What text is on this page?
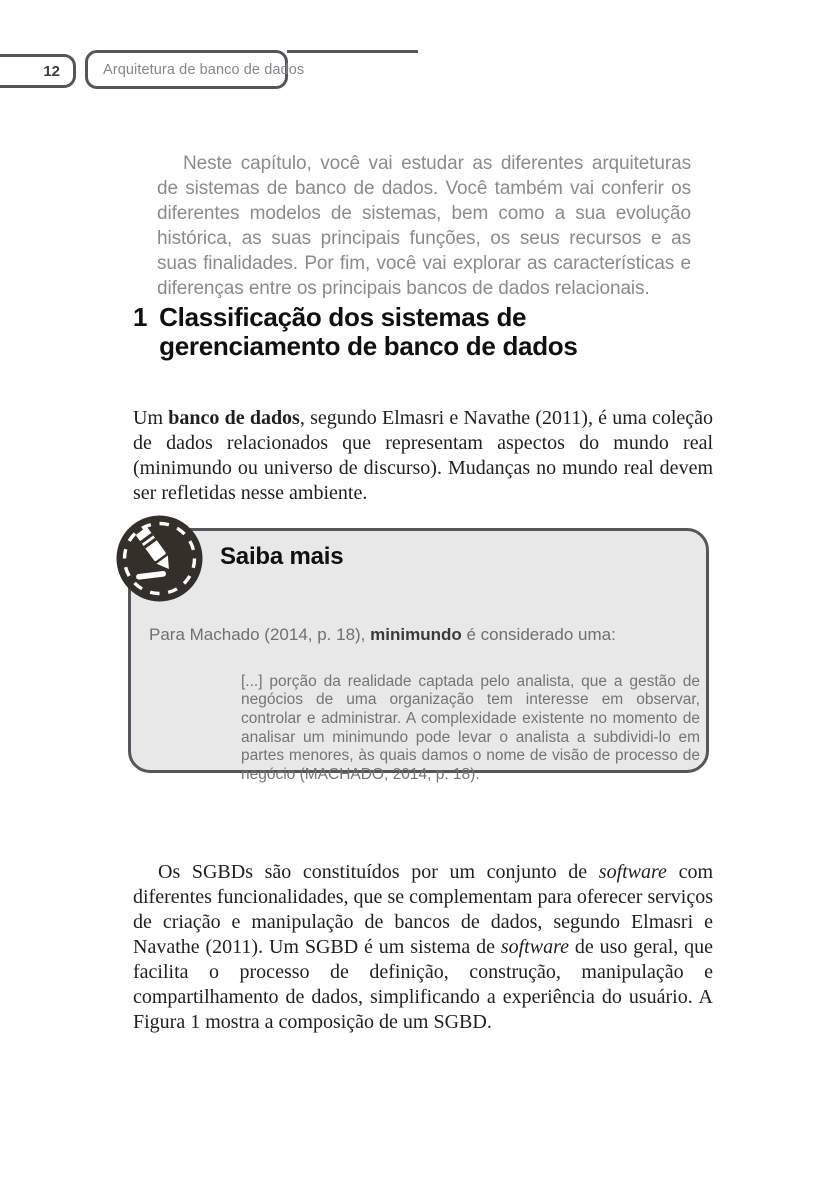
12	Arquitetura de banco de dados

Neste capítulo, você vai estudar as diferentes arquiteturas de sistemas de banco de dados. Você também vai conferir os diferentes modelos de sistemas, bem como a sua evolução histórica, as suas principais funções, os seus recursos e as suas finalidades. Por fim, você vai explorar as características e diferenças entre os principais bancos de dados relacionais.

1 Classificação dos sistemas de gerenciamento de banco de dados

Um banco de dados, segundo Elmasri e Navathe (2011), é uma coleção de dados relacionados que representam aspectos do mundo real (minimundo ou universo de discurso). Mudanças no mundo real devem ser refletidas nesse ambiente.

Saiba mais

Para Machado (2014, p. 18), minimundo é considerado uma:

[...] porção da realidade captada pelo analista, que a gestão de negócios de uma organização tem interesse em observar, controlar e administrar. A complexidade existente no momento de analisar um minimundo pode levar o analista a subdividi-lo em partes menores, às quais damos o nome de visão de processo de negócio (MACHADO, 2014, p. 18).

Os SGBDs são constituídos por um conjunto de software com diferentes funcionalidades, que se complementam para oferecer serviços de criação e manipulação de bancos de dados, segundo Elmasri e Navathe (2011). Um SGBD é um sistema de software de uso geral, que facilita o processo de definição, construção, manipulação e compartilhamento de dados, simplificando a experiência do usuário. A Figura 1 mostra a composição de um SGBD.
